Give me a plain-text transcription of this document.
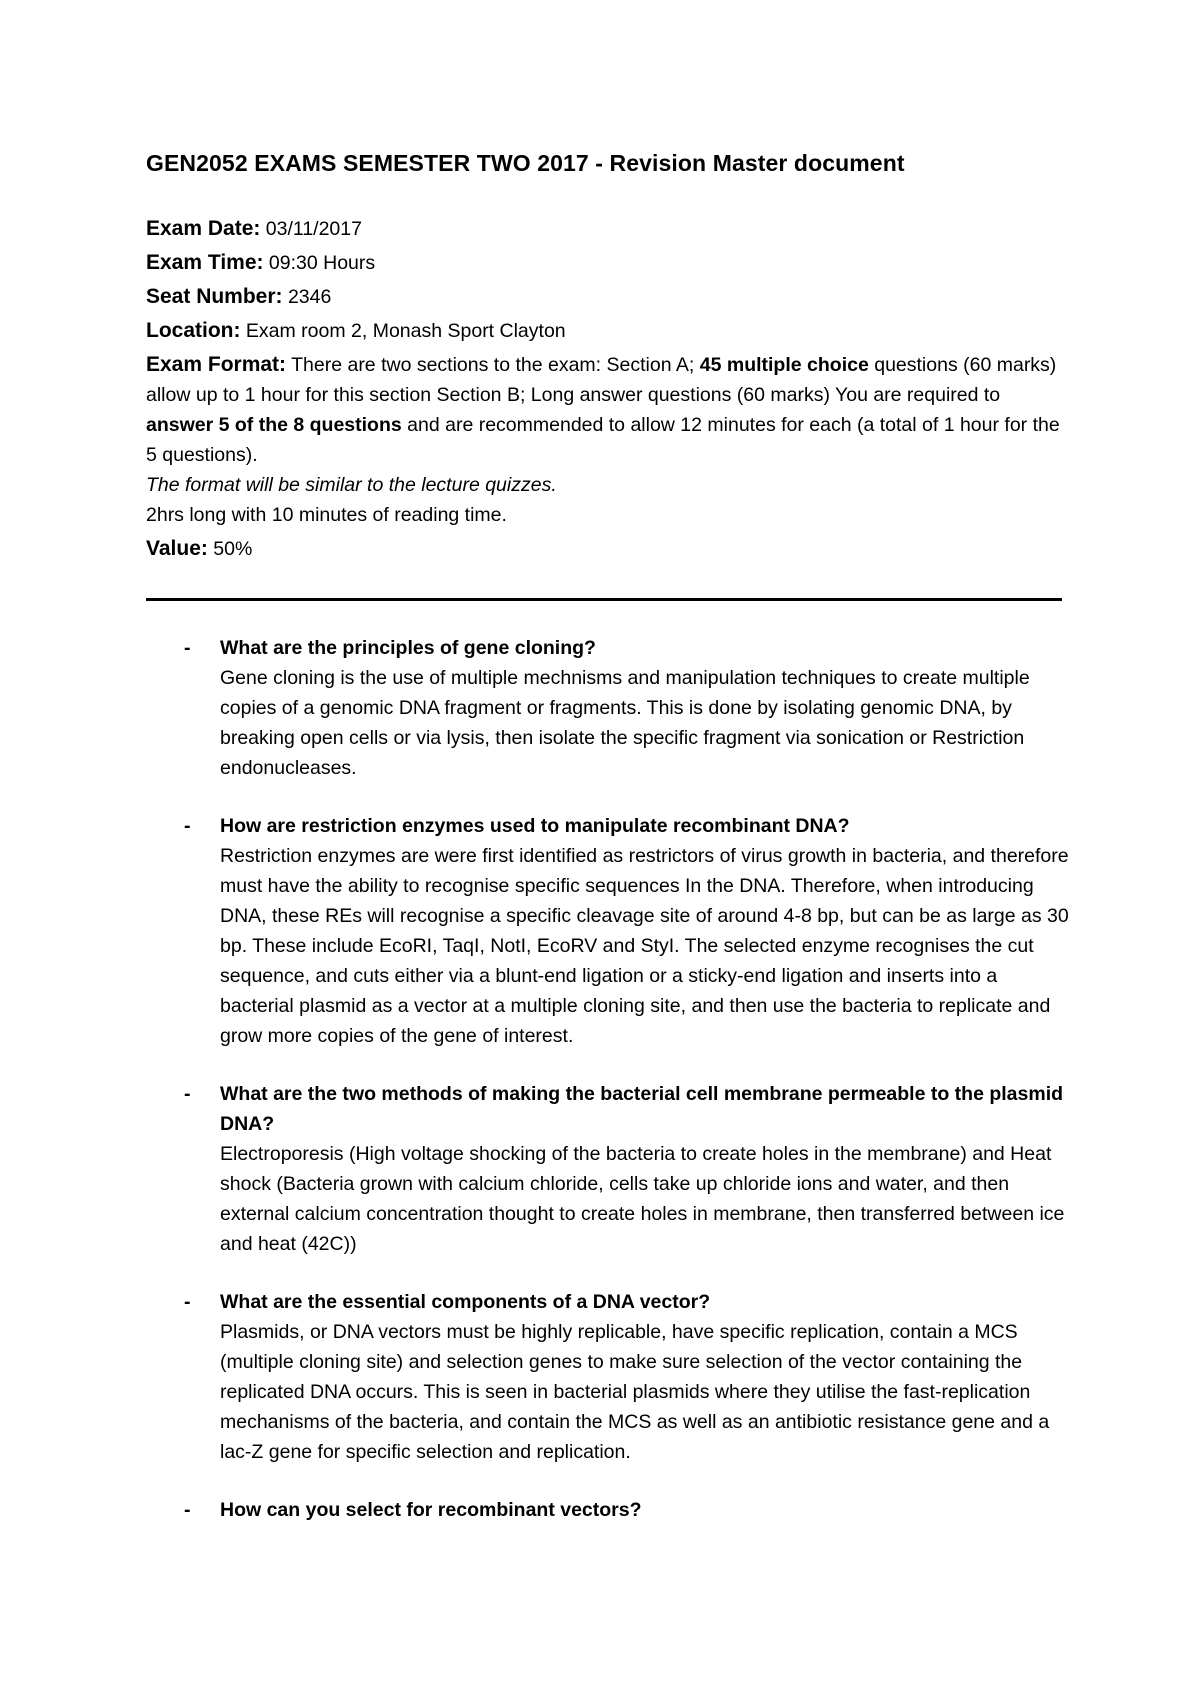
GEN2052 EXAMS SEMESTER TWO 2017 - Revision Master document
Exam Date: 03/11/2017
Exam Time: 09:30 Hours
Seat Number: 2346
Location: Exam room 2, Monash Sport Clayton
Exam Format: There are two sections to the exam: Section A; 45 multiple choice questions (60 marks) allow up to 1 hour for this section Section B; Long answer questions (60 marks) You are required to answer 5 of the 8 questions and are recommended to allow 12 minutes for each (a total of 1 hour for the 5 questions).
The format will be similar to the lecture quizzes.
2hrs long with 10 minutes of reading time.
Value: 50%
- What are the principles of gene cloning?
Gene cloning is the use of multiple mechnisms and manipulation techniques to create multiple copies of a genomic DNA fragment or fragments. This is done by isolating genomic DNA, by breaking open cells or via lysis, then isolate the specific fragment via sonication or Restriction endonucleases.
- How are restriction enzymes used to manipulate recombinant DNA?
Restriction enzymes are were first identified as restrictors of virus growth in bacteria, and therefore must have the ability to recognise specific sequences In the DNA. Therefore, when introducing DNA, these REs will recognise a specific cleavage site of around 4-8 bp, but can be as large as 30 bp. These include EcoRI, TaqI, NotI, EcoRV and StyI. The selected enzyme recognises the cut sequence, and cuts either via a blunt-end ligation or a sticky-end ligation and inserts into a bacterial plasmid as a vector at a multiple cloning site, and then use the bacteria to replicate and grow more copies of the gene of interest.
- What are the two methods of making the bacterial cell membrane permeable to the plasmid DNA?
Electroporesis (High voltage shocking of the bacteria to create holes in the membrane) and Heat shock (Bacteria grown with calcium chloride, cells take up chloride ions and water, and then external calcium concentration thought to create holes in membrane, then transferred between ice and heat (42C))
- What are the essential components of a DNA vector?
Plasmids, or DNA vectors must be highly replicable, have specific replication, contain a MCS (multiple cloning site) and selection genes to make sure selection of the vector containing the replicated DNA occurs. This is seen in bacterial plasmids where they utilise the fast-replication mechanisms of the bacteria, and contain the MCS as well as an antibiotic resistance gene and a lac-Z gene for specific selection and replication.
- How can you select for recombinant vectors?
